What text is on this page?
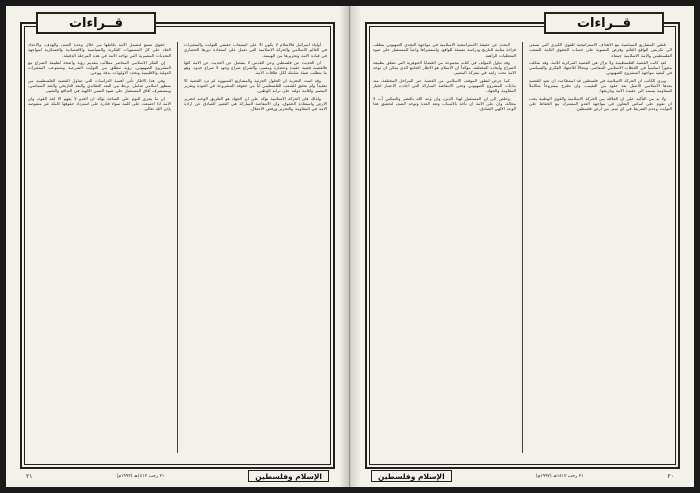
قــراءات

أولياء اسرائيل فالاسلام لا يكون الا على استيعاب حقيقي للثوابت والمتغيرات في العالم الاسلامي والحركة الاسلامية التي تعمل على استعادة دورها الحضاري في قيادة الامة وتحريرها من الهيمنة.

ان الحديث عن فلسطين وعن القدس لا ينفصل عن الحديث عن الامة كلها فالقضية قضية عقيدة وحضارة ومصير، والصراع صراع وجود لا صراع حدود، وهو ما يتطلب تعبئة شاملة لكل طاقات الامة.

وقد اثبتت التجربة ان الحلول الجزئية والمشاريع التسووية لم تزد القضية الا تعقيداً ولم تحقق للشعب الفلسطيني اياً من حقوقه المشروعة في العودة وتقرير المصير واقامة دولته على ترابه الوطني.

ولذلك فان الحركة الاسلامية تؤكد على ان الجهاد هو الطريق الوحيد لتحرير الارض واستعادة الحقوق، وان الانتفاضة المباركة هي التعبير الصادق عن ارادة الامة في المقاومة والتحرير ورفض الاحتلال.

حقوق تتسع لتشمل الامة بكاملها من خلال وحدة الصف والهدف، والاعداد الجاد على كل المستويات الفكرية والسياسية والاقتصادية والعسكرية لمواجهة التحديات المصيرية التي تواجه الامة في هذه المرحلة الدقيقة.

إن الفكر الاسلامي المعاصر مطالب بتقديم رؤية واضحة لطبيعة الصراع مع المشروع الصهيوني، رؤية تنطلق من الثوابت الشرعية وتستوعب المتغيرات الدولية والاقليمية وتحدد الاولويات بدقة ووعي.

وفي هذا الاطار تأتي أهمية الدراسات التي تتناول القضية الفلسطينية من منظور اسلامي شامل، يربط بين البعد العقائدي والبعد التاريخي والبعد السياسي، ويستشرف آفاق المستقبل على ضوء السنن الالهية في التدافع والتغيير.

ان ما يجري اليوم على الساحة يؤكد ان العدو لا يفهم الا لغة القوة، وان الامة اذا اجتمعت على كلمة سواء قادرة على استرداد حقوقها كاملة غير منقوصة بإذن الله تعالى.

٢١	٢١ رجب ١٤١٢هـ (١٩٩٢م)	الإسلام وفلسطين
قــراءات

تلتقي المشاريع السياسية مع الاهداف الاستراتيجية للقوى الكبرى التي تسعى الى تكريس الواقع القائم وفرض التسوية على حساب الحقوق الثابتة للشعب الفلسطيني والامة الاسلامية جمعاء.

لقد كانت القضية الفلسطينية ولا تزال هي القضية المركزية للامة، وقد شكلت محوراً اساسياً في الخطاب الاسلامي المعاصر، ومجالاً للاجتهاد الفكري والسياسي في كيفية مواجهة المشروع الصهيوني.

ويرى الكاتب ان الحركة الاسلامية في فلسطين قد استطاعت ان تعيد للقضية بعدها الاسلامي الاصيل بعد عقود من التغييب، وان تطرح مشروعاً متكاملاً للمقاومة يستند الى عقيدة الامة وتاريخها.

ولا بد من التأكيد على ان العلاقة بين الحركة الاسلامية والقوى الوطنية يجب ان تقوم على اساس التعاون في مواجهة العدو المشترك مع الحفاظ على الثوابت وعدم التفريط في اي شبر من ارض فلسطين.

البحث عن حقيقة الاستراتيجية الاسلامية في مواجهة التحدي الصهيوني يتطلب قراءة متأنية للتاريخ ودراسة معمقة للواقع، واستشرافاً واعياً للمستقبل على ضوء المعطيات الراهنة.

وقد تناول المؤلف في كتابه مجموعة من القضايا الجوهرية التي تتعلق بطبيعة الصراع وأبعاده المختلفة، مؤكداً ان الاسلام هو الاطار الجامع الذي يمكن ان توحد الامة تحت رايته في معركة المصير.

كما عرض لتطور الموقف الاسلامي من القضية عبر المراحل المختلفة، منذ بدايات المشروع الصهيوني وحتى الانتفاضة المباركة التي اعادت الاعتبار لخيار المقاومة والجهاد.

وخلص الى ان المستقبل لهذا الدين، وان وعد الله بالنصر والتمكين آت لا محالة، وان على الامة ان تأخذ بالاسباب وتعد العدة وتوحد الصف لتحقيق هذا الوعد الالهي الصادق.

الإسلام وفلسطين	٢١ رجب ١٤١٢هـ (١٩٩٢م)	٢٠
